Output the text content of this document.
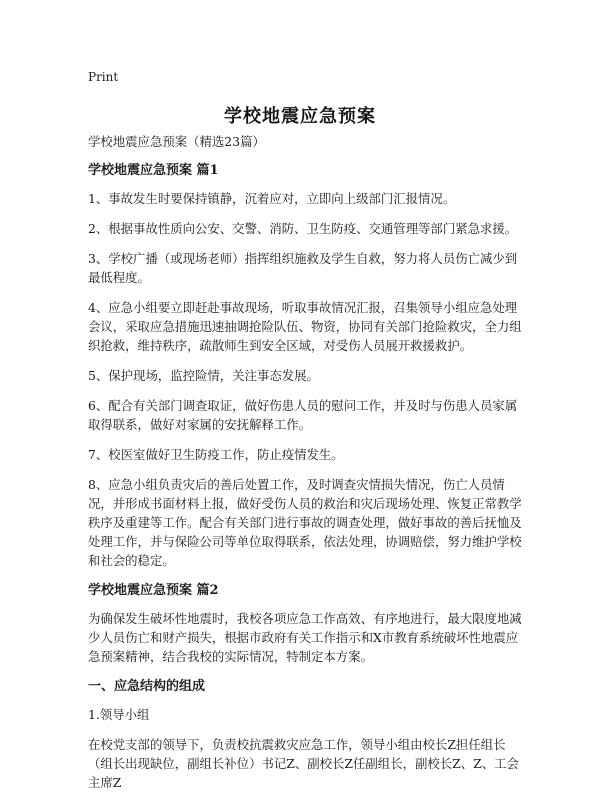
Print
学校地震应急预案

学校地震应急预案（精选23篇）

学校地震应急预案 篇1

1、事故发生时要保持镇静，沉着应对，立即向上级部门汇报情况。

2、根据事故性质向公安、交警、消防、卫生防疫、交通管理等部门紧急求援。

3、学校广播（或现场老师）指挥组织施救及学生自救，努力将人员伤亡减少到最低程度。

4、应急小组要立即赶赴事故现场，听取事故情况汇报，召集领导小组应急处理会议，采取应急措施迅速抽调抢险队伍、物资，协同有关部门抢险救灾，全力组织抢救，维持秩序，疏散师生到安全区域，对受伤人员展开救援救护。

5、保护现场，监控险情，关注事态发展。

6、配合有关部门调查取证，做好伤患人员的慰问工作，并及时与伤患人员家属取得联系，做好对家属的安抚解释工作。

7、校医室做好卫生防疫工作，防止疫情发生。

8、应急小组负责灾后的善后处置工作，及时调查灾情损失情况，伤亡人员情况，并形成书面材料上报，做好受伤人员的救治和灾后现场处理、恢复正常教学秩序及重建等工作。配合有关部门进行事故的调查处理，做好事故的善后抚恤及处理工作，并与保险公司等单位取得联系，依法处理，协调赔偿，努力维护学校和社会的稳定。

学校地震应急预案 篇2

为确保发生破坏性地震时，我校各项应急工作高效、有序地进行，最大限度地减少人员伤亡和财产损失，根据市政府有关工作指示和X市教育系统破坏性地震应急预案精神，结合我校的实际情况，特制定本方案。

一、应急结构的组成

1.领导小组

在校党支部的领导下，负责校抗震救灾应急工作，领导小组由校长Z担任组长（组长出现缺位，副组长补位）书记Z、副校长Z任副组长，副校长Z、Z、工会主席Z
